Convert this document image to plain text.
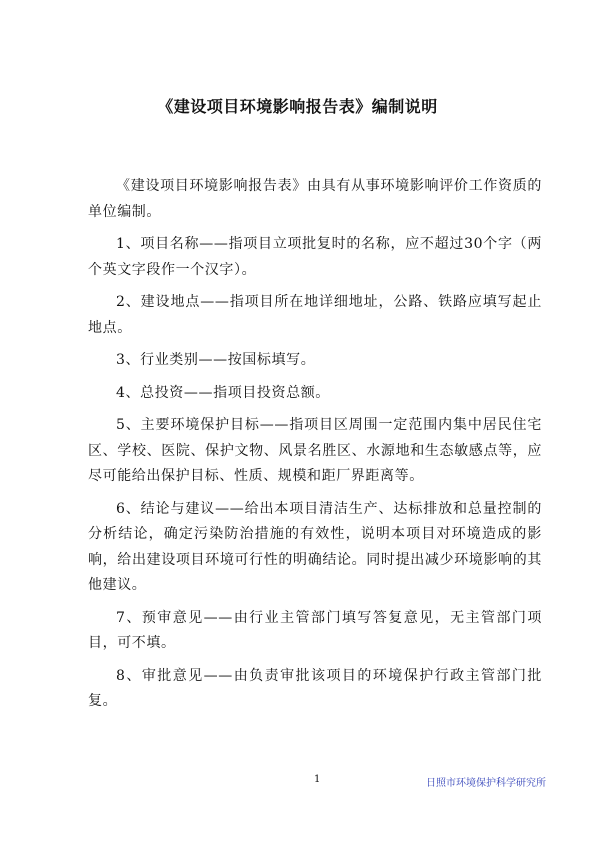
《建设项目环境影响报告表》编制说明

《建设项目环境影响报告表》由具有从事环境影响评价工作资质的单位编制。

1、项目名称——指项目立项批复时的名称，应不超过30个字（两个英文字段作一个汉字）。

2、建设地点——指项目所在地详细地址，公路、铁路应填写起止地点。

3、行业类别——按国标填写。

4、总投资——指项目投资总额。

5、主要环境保护目标——指项目区周围一定范围内集中居民住宅区、学校、医院、保护文物、风景名胜区、水源地和生态敏感点等，应尽可能给出保护目标、性质、规模和距厂界距离等。

6、结论与建议——给出本项目清洁生产、达标排放和总量控制的分析结论，确定污染防治措施的有效性，说明本项目对环境造成的影响，给出建设项目环境可行性的明确结论。同时提出减少环境影响的其他建议。

7、预审意见——由行业主管部门填写答复意见，无主管部门项目，可不填。

8、审批意见——由负责审批该项目的环境保护行政主管部门批复。

1	日照市环境保护科学研究所
